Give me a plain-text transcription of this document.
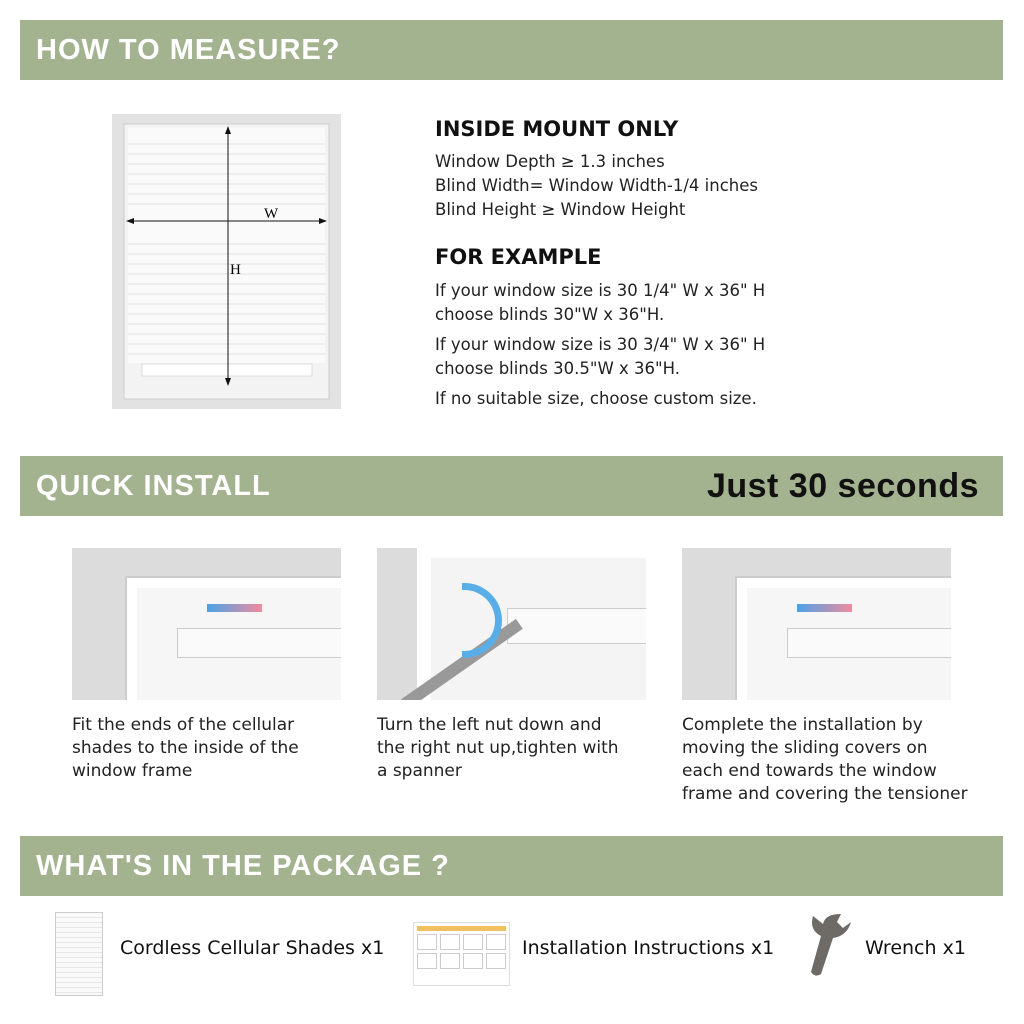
HOW TO MEASURE?
W
H
INSIDE MOUNT ONLY
Window Depth ≥ 1.3 inches
Blind Width= Window Width-1/4 inches
Blind Height ≥ Window Height
FOR EXAMPLE
If your window size is 30 1/4" W x 36" H
choose blinds 30"W x 36"H.
If your window size is 30 3/4" W x 36" H
choose blinds 30.5"W x 36"H.
If no suitable size, choose custom size.
QUICK INSTALL	Just 30 seconds
Fit the ends of the cellular
shades to the inside of the
window frame
Turn the left nut down and
the right nut up,tighten with
a spanner
Complete the installation by
moving the sliding covers on
each end towards the window
frame and covering the tensioner
WHAT'S IN THE PACKAGE ?
Cordless Cellular Shades x1	Installation Instructions x1	Wrench x1
